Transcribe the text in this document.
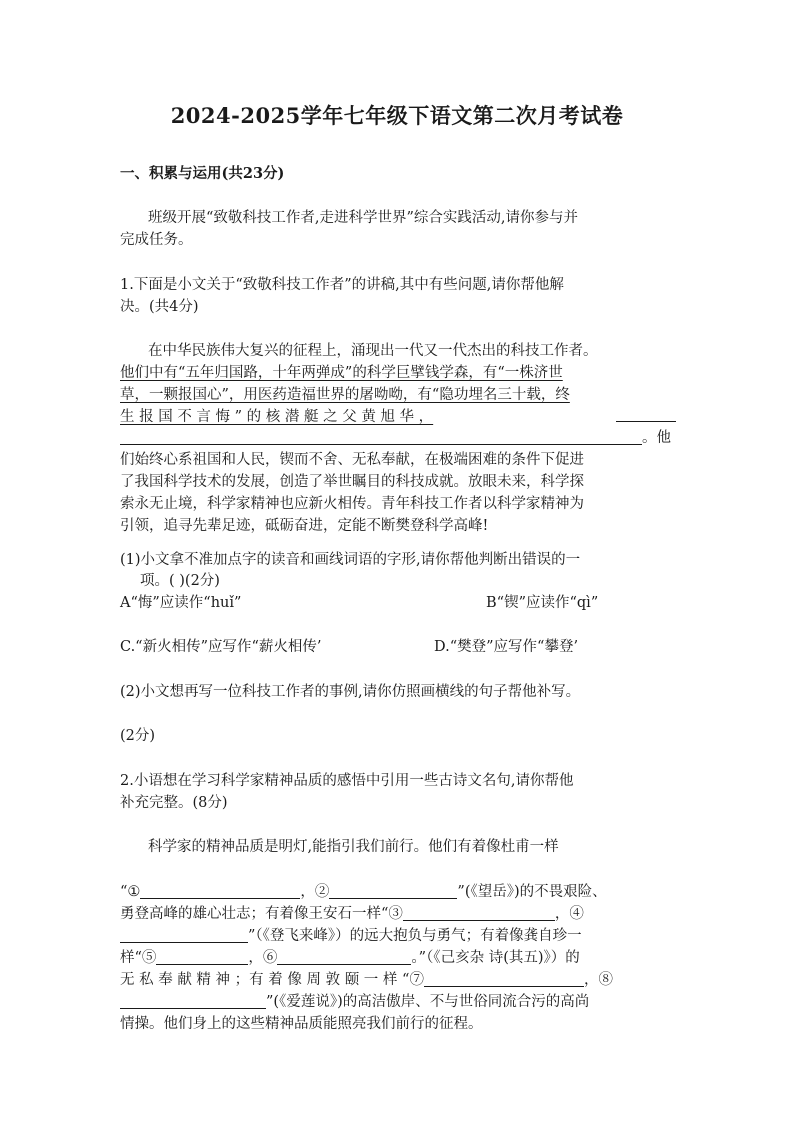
2024-2025学年七年级下语文第二次月考试卷
一、积累与运用(共23分)
班级开展“致敬科技工作者,走进科学世界”综合实践活动,请你参与并
完成任务。
1.下面是小文关于“致敬科技工作者”的讲稿,其中有些问题,请你帮他解
决。(共4分)
在中华民族伟大复兴的征程上，涌现出一代又一代杰出的科技工作者。
他们中有“五年归国路，十年两弹成”的科学巨擘钱学森，有“一株济世
草，一颗报国心”，用医药造福世界的屠呦呦，有“隐功埋名三十载，终
生 报 国 不 言 悔 ” 的 核 潜 艇 之 父 黄 旭 华 ，
。他
们始终心系祖国和人民，锲而不舍、无私奉献，在极端困难的条件下促进
了我国科学技术的发展，创造了举世瞩目的科技成就。放眼未来，科学探
索永无止境，科学家精神也应新火相传。青年科技工作者以科学家精神为
引领，追寻先辈足迹，砥砺奋进，定能不断樊登科学高峰!
(1)小文拿不准加点字的读音和画线词语的字形,请你帮他判断出错误的一
项。( )(2分)
A“悔”应读作“huǐ”	B“锲”应读作“qì”
C.“新火相传”应写作“薪火相传’	D.“樊登”应写作“攀登’
(2)小文想再写一位科技工作者的事例,请你仿照画横线的句子帮他补写。
(2分)
2.小语想在学习科学家精神品质的感悟中引用一些古诗文名句,请你帮他
补充完整。(8分)
科学家的精神品质是明灯,能指引我们前行。他们有着像杜甫一样
“①	，②	”(《望岳》)的不畏艰险、
勇登高峰的雄心壮志；有着像王安石一样“③	，④
”（《登飞来峰》）的远大抱负与勇气；有着像龚自珍一
样“⑤	，⑥	。”（《己亥杂 诗(其五)》）的
无 私 奉 献 精 神 ；有 着 像 周 敦 颐 一 样 “⑦	，⑧
”(《爱莲说》)的高洁傲岸、不与世俗同流合污的高尚
情操。他们身上的这些精神品质能照亮我们前行的征程。
